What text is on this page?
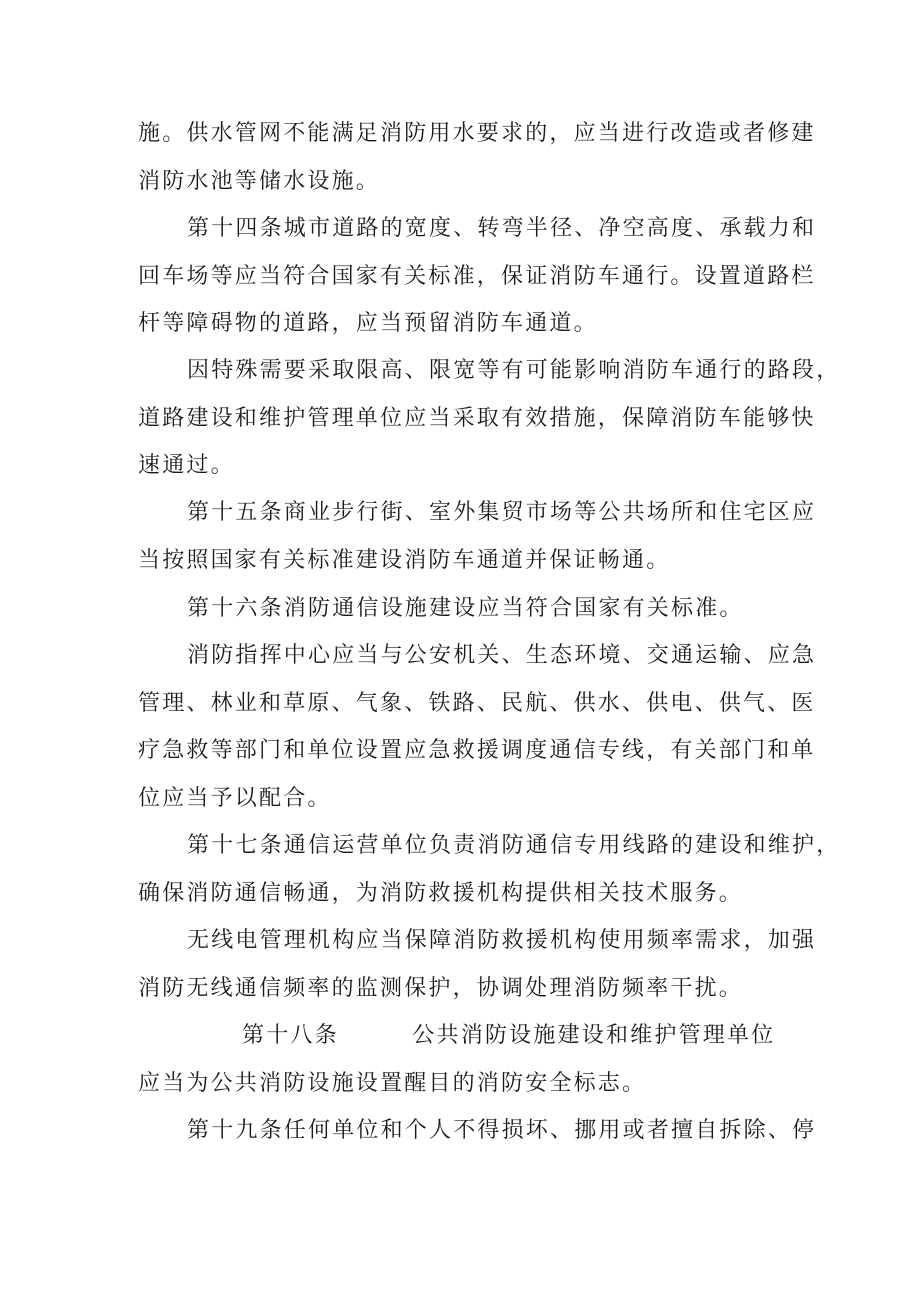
施。供水管网不能满足消防用水要求的，应当进行改造或者修建
消防水池等储水设施。
第十四条城市道路的宽度、转弯半径、净空高度、承载力和
回车场等应当符合国家有关标准，保证消防车通行。设置道路栏
杆等障碍物的道路，应当预留消防车通道。
因特殊需要采取限高、限宽等有可能影响消防车通行的路段，
道路建设和维护管理单位应当采取有效措施，保障消防车能够快
速通过。
第十五条商业步行街、室外集贸市场等公共场所和住宅区应
当按照国家有关标准建设消防车通道并保证畅通。
第十六条消防通信设施建设应当符合国家有关标准。
消防指挥中心应当与公安机关、生态环境、交通运输、应急
管理、林业和草原、气象、铁路、民航、供水、供电、供气、医
疗急救等部门和单位设置应急救援调度通信专线，有关部门和单
位应当予以配合。
第十七条通信运营单位负责消防通信专用线路的建设和维护，
确保消防通信畅通，为消防救援机构提供相关技术服务。
无线电管理机构应当保障消防救援机构使用频率需求，加强
消防无线通信频率的监测保护，协调处理消防频率干扰。
第十八条        公共消防设施建设和维护管理单位
应当为公共消防设施设置醒目的消防安全标志。
第十九条任何单位和个人不得损坏、挪用或者擅自拆除、停
